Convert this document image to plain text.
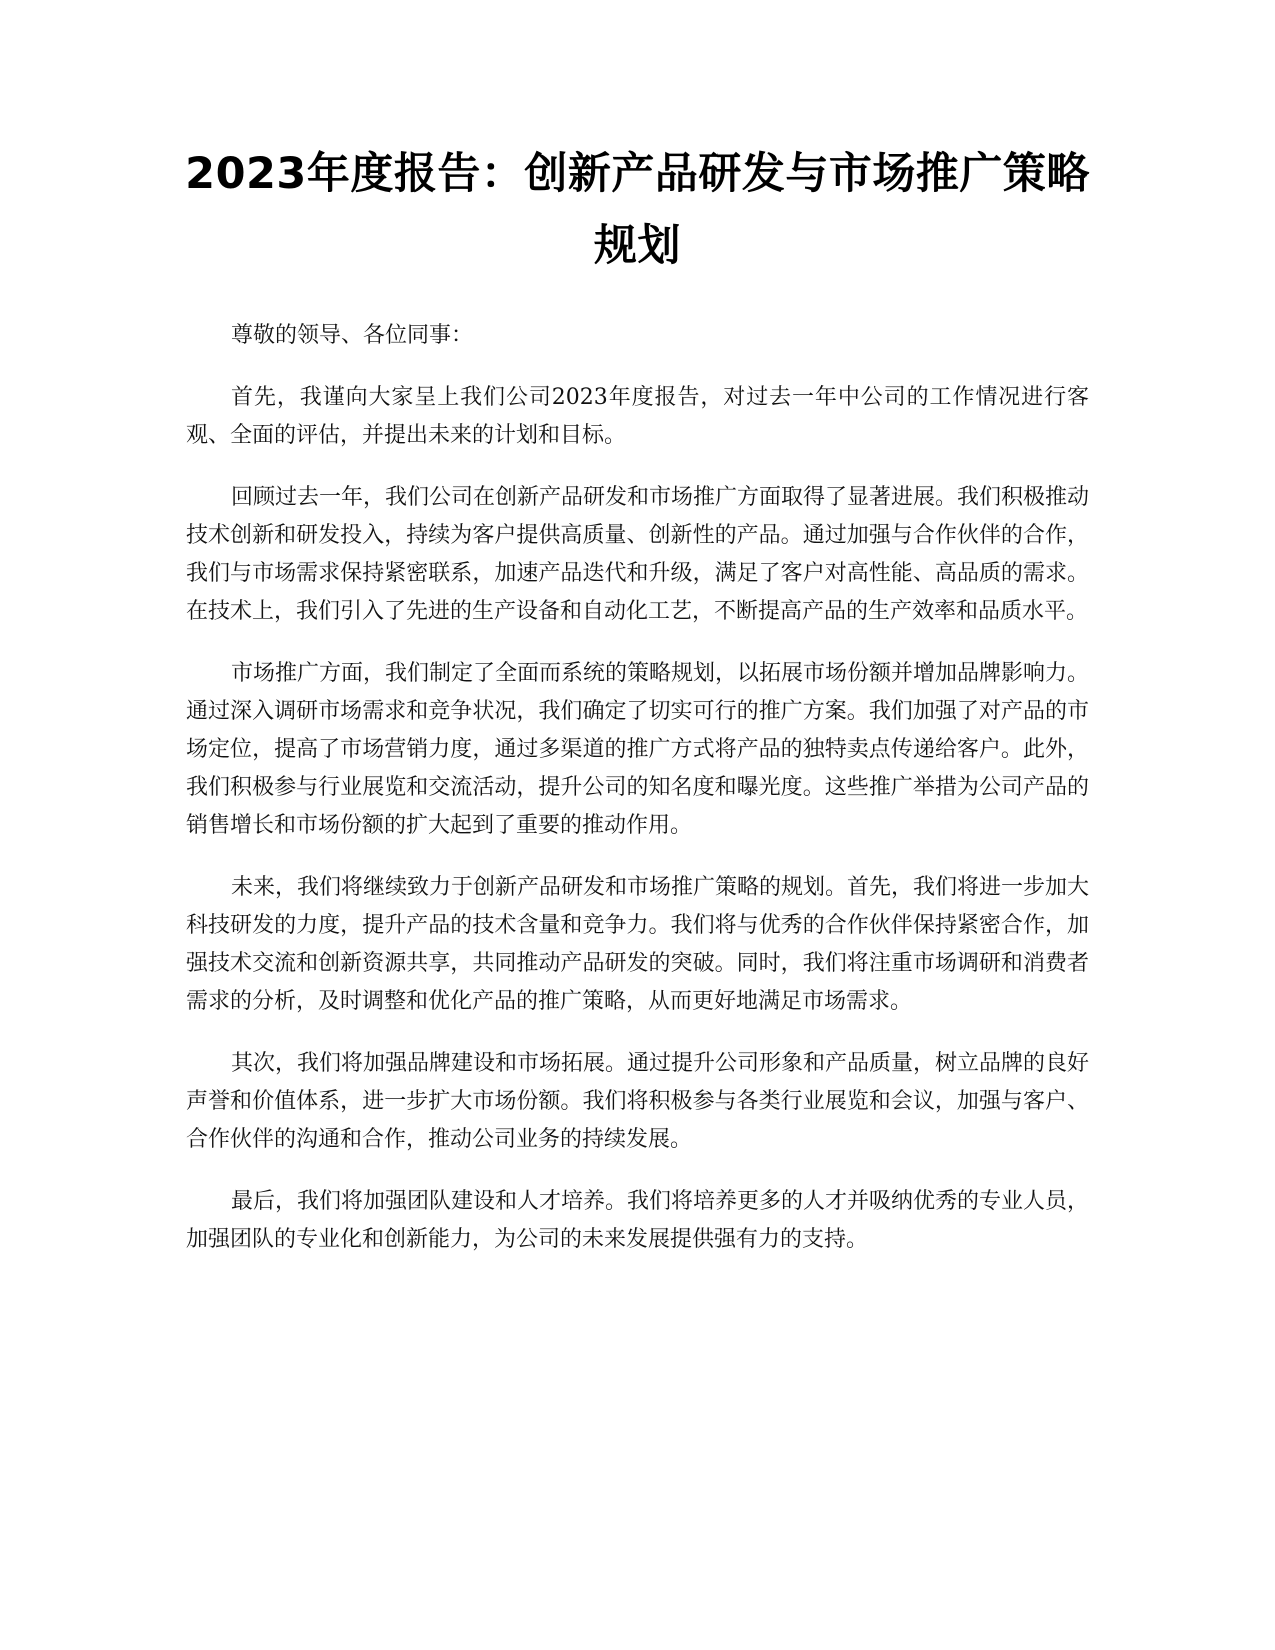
2023年度报告：创新产品研发与市场推广策略规划

尊敬的领导、各位同事：

首先，我谨向大家呈上我们公司2023年度报告，对过去一年中公司的工作情况进行客观、全面的评估，并提出未来的计划和目标。

回顾过去一年，我们公司在创新产品研发和市场推广方面取得了显著进展。我们积极推动技术创新和研发投入，持续为客户提供高质量、创新性的产品。通过加强与合作伙伴的合作，我们与市场需求保持紧密联系，加速产品迭代和升级，满足了客户对高性能、高品质的需求。在技术上，我们引入了先进的生产设备和自动化工艺，不断提高产品的生产效率和品质水平。

市场推广方面，我们制定了全面而系统的策略规划，以拓展市场份额并增加品牌影响力。通过深入调研市场需求和竞争状况，我们确定了切实可行的推广方案。我们加强了对产品的市场定位，提高了市场营销力度，通过多渠道的推广方式将产品的独特卖点传递给客户。此外，我们积极参与行业展览和交流活动，提升公司的知名度和曝光度。这些推广举措为公司产品的销售增长和市场份额的扩大起到了重要的推动作用。

未来，我们将继续致力于创新产品研发和市场推广策略的规划。首先，我们将进一步加大科技研发的力度，提升产品的技术含量和竞争力。我们将与优秀的合作伙伴保持紧密合作，加强技术交流和创新资源共享，共同推动产品研发的突破。同时，我们将注重市场调研和消费者需求的分析，及时调整和优化产品的推广策略，从而更好地满足市场需求。

其次，我们将加强品牌建设和市场拓展。通过提升公司形象和产品质量，树立品牌的良好声誉和价值体系，进一步扩大市场份额。我们将积极参与各类行业展览和会议，加强与客户、合作伙伴的沟通和合作，推动公司业务的持续发展。

最后，我们将加强团队建设和人才培养。我们将培养更多的人才并吸纳优秀的专业人员，加强团队的专业化和创新能力，为公司的未来发展提供强有力的支持。
